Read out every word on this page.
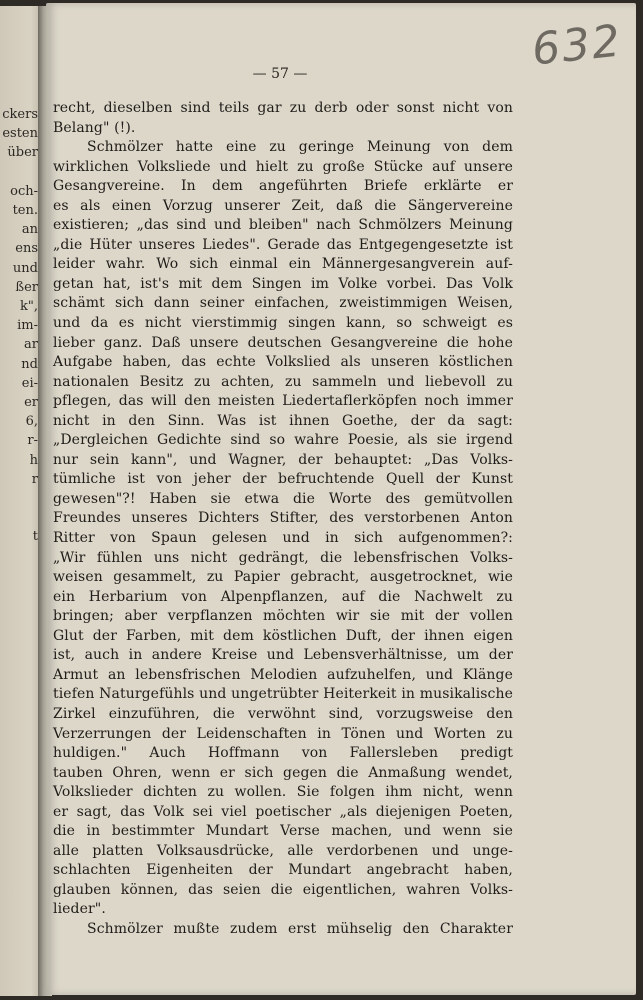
ckers
esten
über
och-
ten.
an
ens
und
ßer
k",
im-
ar
nd
ei-
er
6,
r-
h
r
t
632
— 57 —
recht, dieselben sind teils gar zu derb oder sonst nicht von
Belang" (!).
Schmölzer hatte eine zu geringe Meinung von dem
wirklichen Volksliede und hielt zu große Stücke auf unsere
Gesangvereine. In dem angeführten Briefe erklärte er
es als einen Vorzug unserer Zeit, daß die Sängervereine
existieren; „das sind und bleiben" nach Schmölzers Meinung
„die Hüter unseres Liedes". Gerade das Entgegengesetzte ist
leider wahr. Wo sich einmal ein Männergesangverein auf-
getan hat, ist's mit dem Singen im Volke vorbei. Das Volk
schämt sich dann seiner einfachen, zweistimmigen Weisen,
und da es nicht vierstimmig singen kann, so schweigt es
lieber ganz. Daß unsere deutschen Gesangvereine die hohe
Aufgabe haben, das echte Volkslied als unseren köstlichen
nationalen Besitz zu achten, zu sammeln und liebevoll zu
pflegen, das will den meisten Liedertaflerköpfen noch immer
nicht in den Sinn. Was ist ihnen Goethe, der da sagt:
„Dergleichen Gedichte sind so wahre Poesie, als sie irgend
nur sein kann", und Wagner, der behauptet: „Das Volks-
tümliche ist von jeher der befruchtende Quell der Kunst
gewesen"?! Haben sie etwa die Worte des gemütvollen
Freundes unseres Dichters Stifter, des verstorbenen Anton
Ritter von Spaun gelesen und in sich aufgenommen?:
„Wir fühlen uns nicht gedrängt, die lebensfrischen Volks-
weisen gesammelt, zu Papier gebracht, ausgetrocknet, wie
ein Herbarium von Alpenpflanzen, auf die Nachwelt zu
bringen; aber verpflanzen möchten wir sie mit der vollen
Glut der Farben, mit dem köstlichen Duft, der ihnen eigen
ist, auch in andere Kreise und Lebensverhältnisse, um der
Armut an lebensfrischen Melodien aufzuhelfen, und Klänge
tiefen Naturgefühls und ungetrübter Heiterkeit in musikalische
Zirkel einzuführen, die verwöhnt sind, vorzugsweise den
Verzerrungen der Leidenschaften in Tönen und Worten zu
huldigen." Auch Hoffmann von Fallersleben predigt
tauben Ohren, wenn er sich gegen die Anmaßung wendet,
Volkslieder dichten zu wollen. Sie folgen ihm nicht, wenn
er sagt, das Volk sei viel poetischer „als diejenigen Poeten,
die in bestimmter Mundart Verse machen, und wenn sie
alle platten Volksausdrücke, alle verdorbenen und unge-
schlachten Eigenheiten der Mundart angebracht haben,
glauben können, das seien die eigentlichen, wahren Volks-
lieder".
Schmölzer mußte zudem erst mühselig den Charakter
